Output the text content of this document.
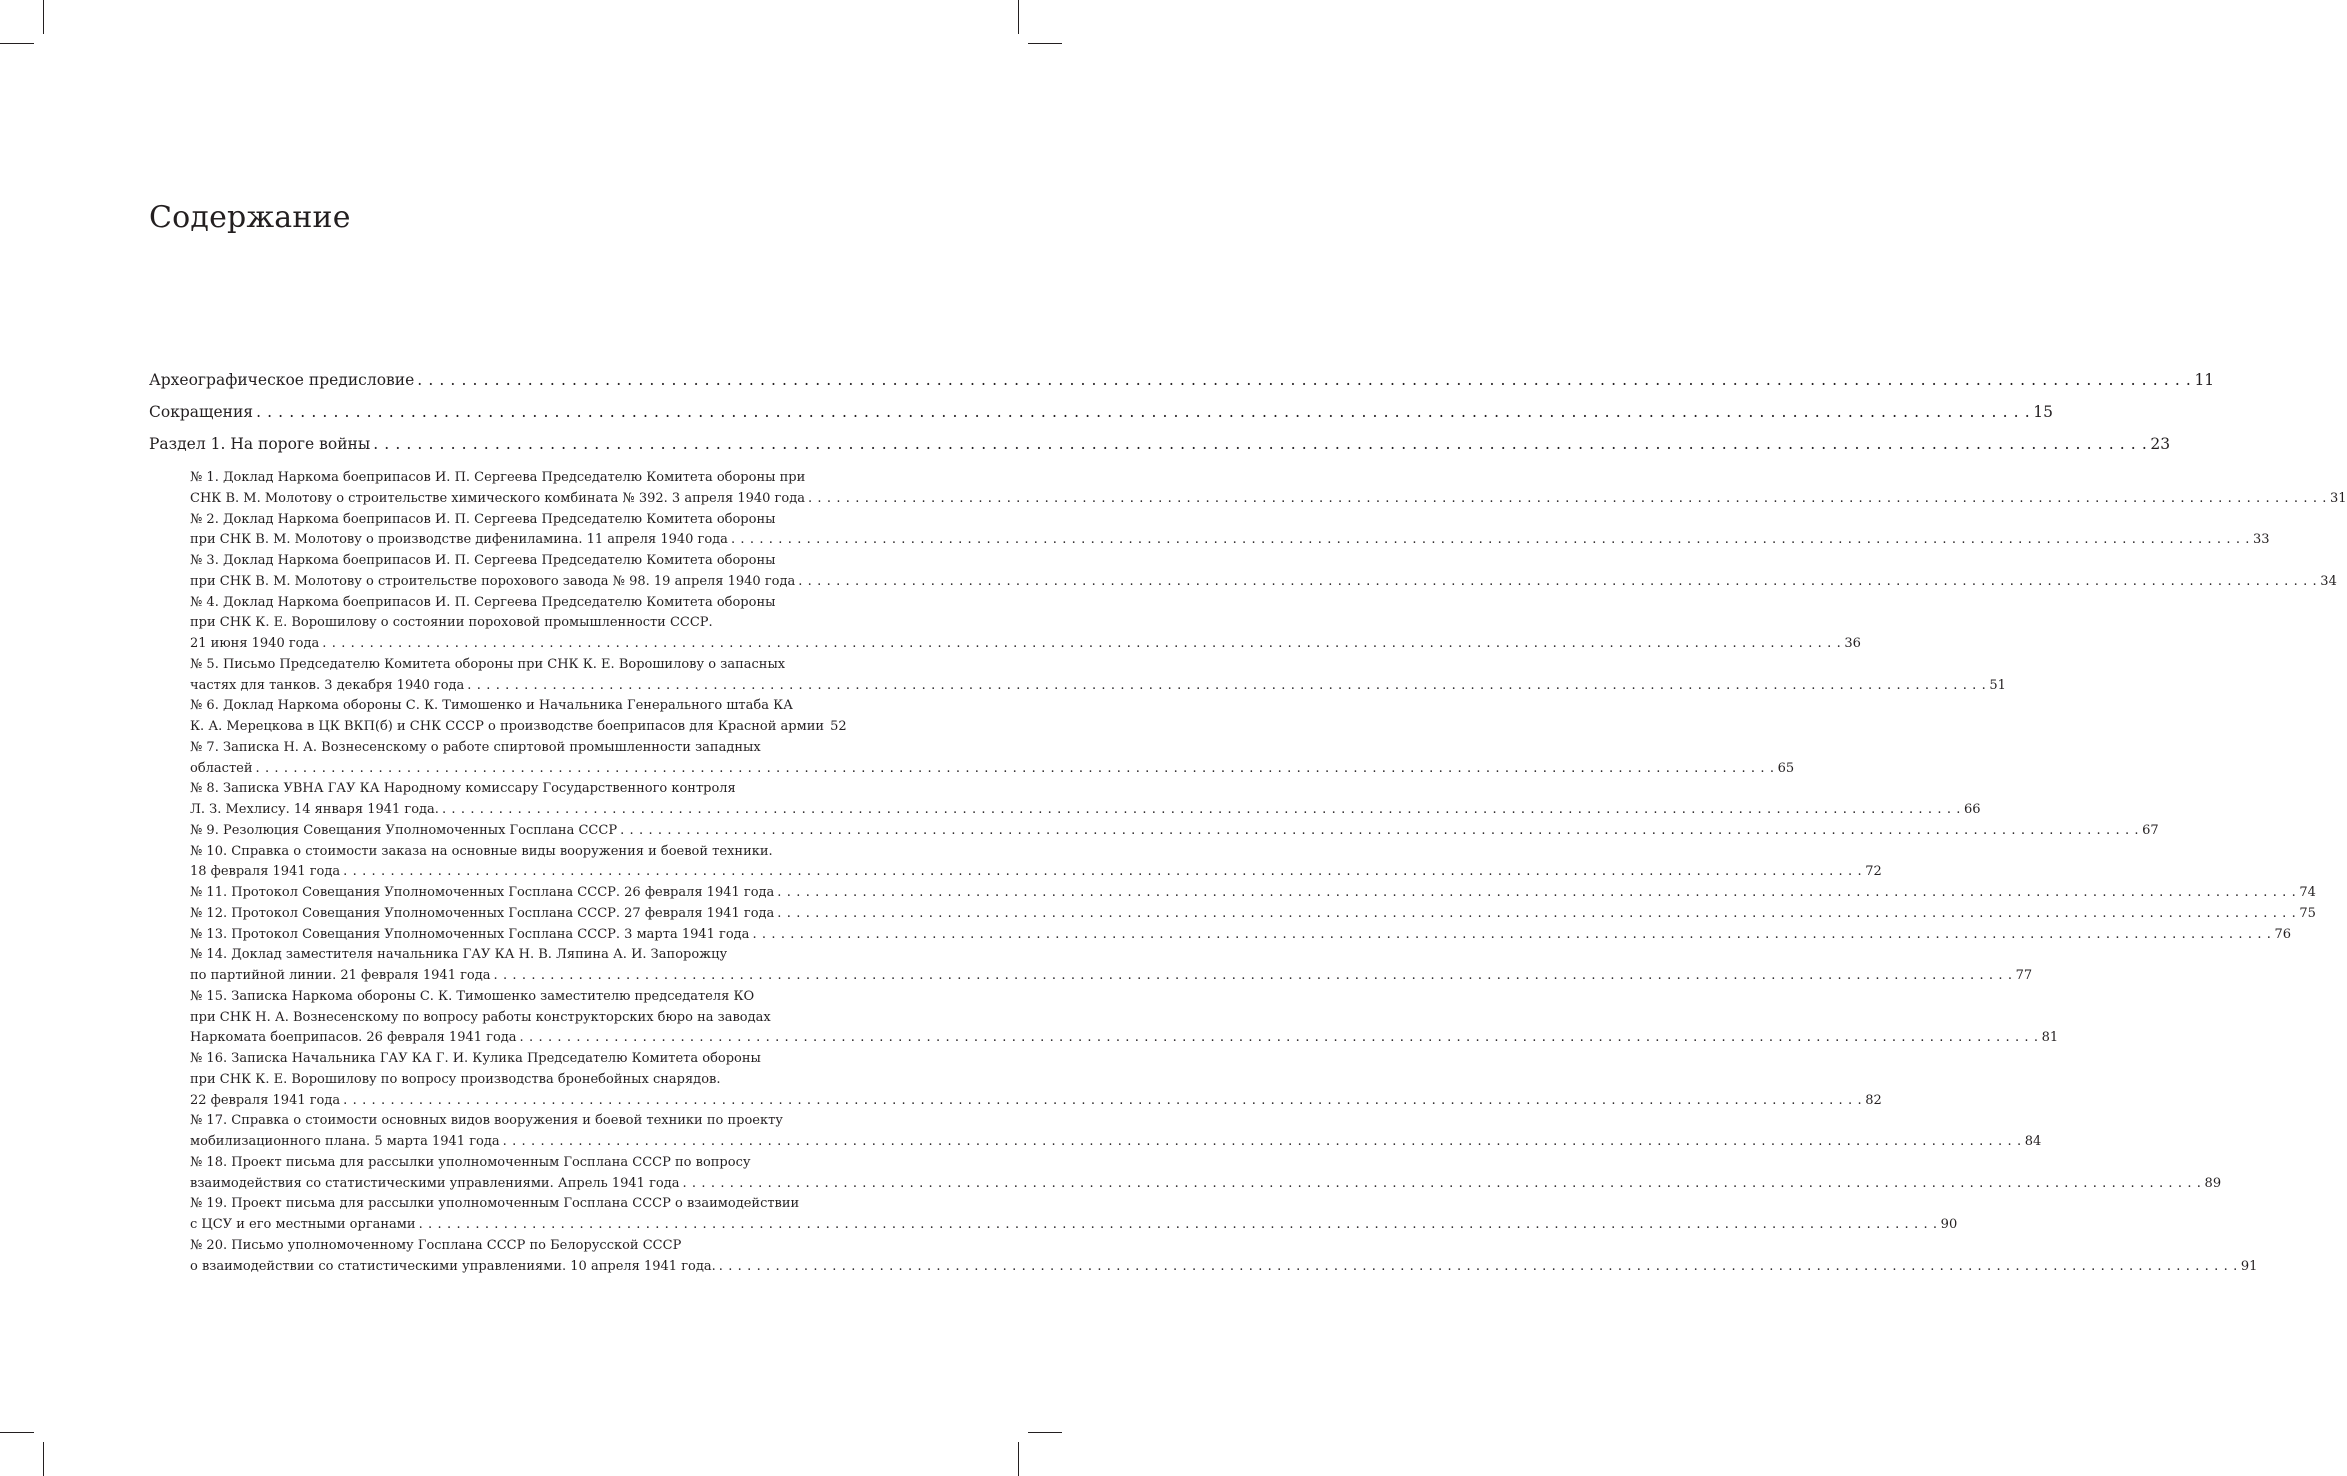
Содержание
Археографическое предисловие . . .	11
Сокращения . . .	15
Раздел 1. На пороге войны . . .	23
№ 1. Доклад Наркома боеприпасов И. П. Сергеева Председателю Комитета обороны при
СНК В. М. Молотову о строительстве химического комбината № 392. 3 апреля 1940 года . . .	31
№ 2. Доклад Наркома боеприпасов И. П. Сергеева Председателю Комитета обороны
при СНК В. М. Молотову о производстве дифениламина. 11 апреля 1940 года . . .	33
№ 3. Доклад Наркома боеприпасов И. П. Сергеева Председателю Комитета обороны
при СНК В. М. Молотову о строительстве порохового завода № 98. 19 апреля 1940 года . . .	34
№ 4. Доклад Наркома боеприпасов И. П. Сергеева Председателю Комитета обороны
при СНК К. Е. Ворошилову о состоянии пороховой промышленности СССР.
21 июня 1940 года . . .	36
№ 5. Письмо Председателю Комитета обороны при СНК К. Е. Ворошилову о запасных
частях для танков. 3 декабря 1940 года . . .	51
№ 6. Доклад Наркома обороны С. К. Тимошенко и Начальника Генерального штаба КА
К. А. Мерецкова в ЦК ВКП(б) и СНК СССР о производстве боеприпасов для Красной армии 52
№ 7. Записка Н. А. Вознесенскому о работе спиртовой промышленности западных
областей . . .	65
№ 8. Записка УВНА ГАУ КА Народному комиссару Государственного контроля
Л. З. Мехлису. 14 января 1941 года. . . .	66
№ 9. Резолюция Совещания Уполномоченных Госплана СССР . . .	67
№ 10. Справка о стоимости заказа на основные виды вооружения и боевой техники.
18 февраля 1941 года . . .	72
№ 11. Протокол Совещания Уполномоченных Госплана СССР. 26 февраля 1941 года . . .	74
№ 12. Протокол Совещания Уполномоченных Госплана СССР. 27 февраля 1941 года . . .	75
№ 13. Протокол Совещания Уполномоченных Госплана СССР. 3 марта 1941 года . . .	76
№ 14. Доклад заместителя начальника ГАУ КА Н. В. Ляпина А. И. Запорожцу
по партийной линии. 21 февраля 1941 года . . .	77
№ 15. Записка Наркома обороны С. К. Тимошенко заместителю председателя КО
при СНК Н. А. Вознесенскому по вопросу работы конструкторских бюро на заводах
Наркомата боеприпасов. 26 февраля 1941 года . . .	81
№ 16. Записка Начальника ГАУ КА Г. И. Кулика Председателю Комитета обороны
при СНК К. Е. Ворошилову по вопросу производства бронебойных снарядов.
22 февраля 1941 года . . .	82
№ 17. Справка о стоимости основных видов вооружения и боевой техники по проекту
мобилизационного плана. 5 марта 1941 года . . .	84
№ 18. Проект письма для рассылки уполномоченным Госплана СССР по вопросу
взаимодействия со статистическими управлениями. Апрель 1941 года . . .	89
№ 19. Проект письма для рассылки уполномоченным Госплана СССР о взаимодействии
с ЦСУ и его местными органами . . .	90
№ 20. Письмо уполномоченному Госплана СССР по Белорусской СССР
о взаимодействии со статистическими управлениями. 10 апреля 1941 года. . . .	91
